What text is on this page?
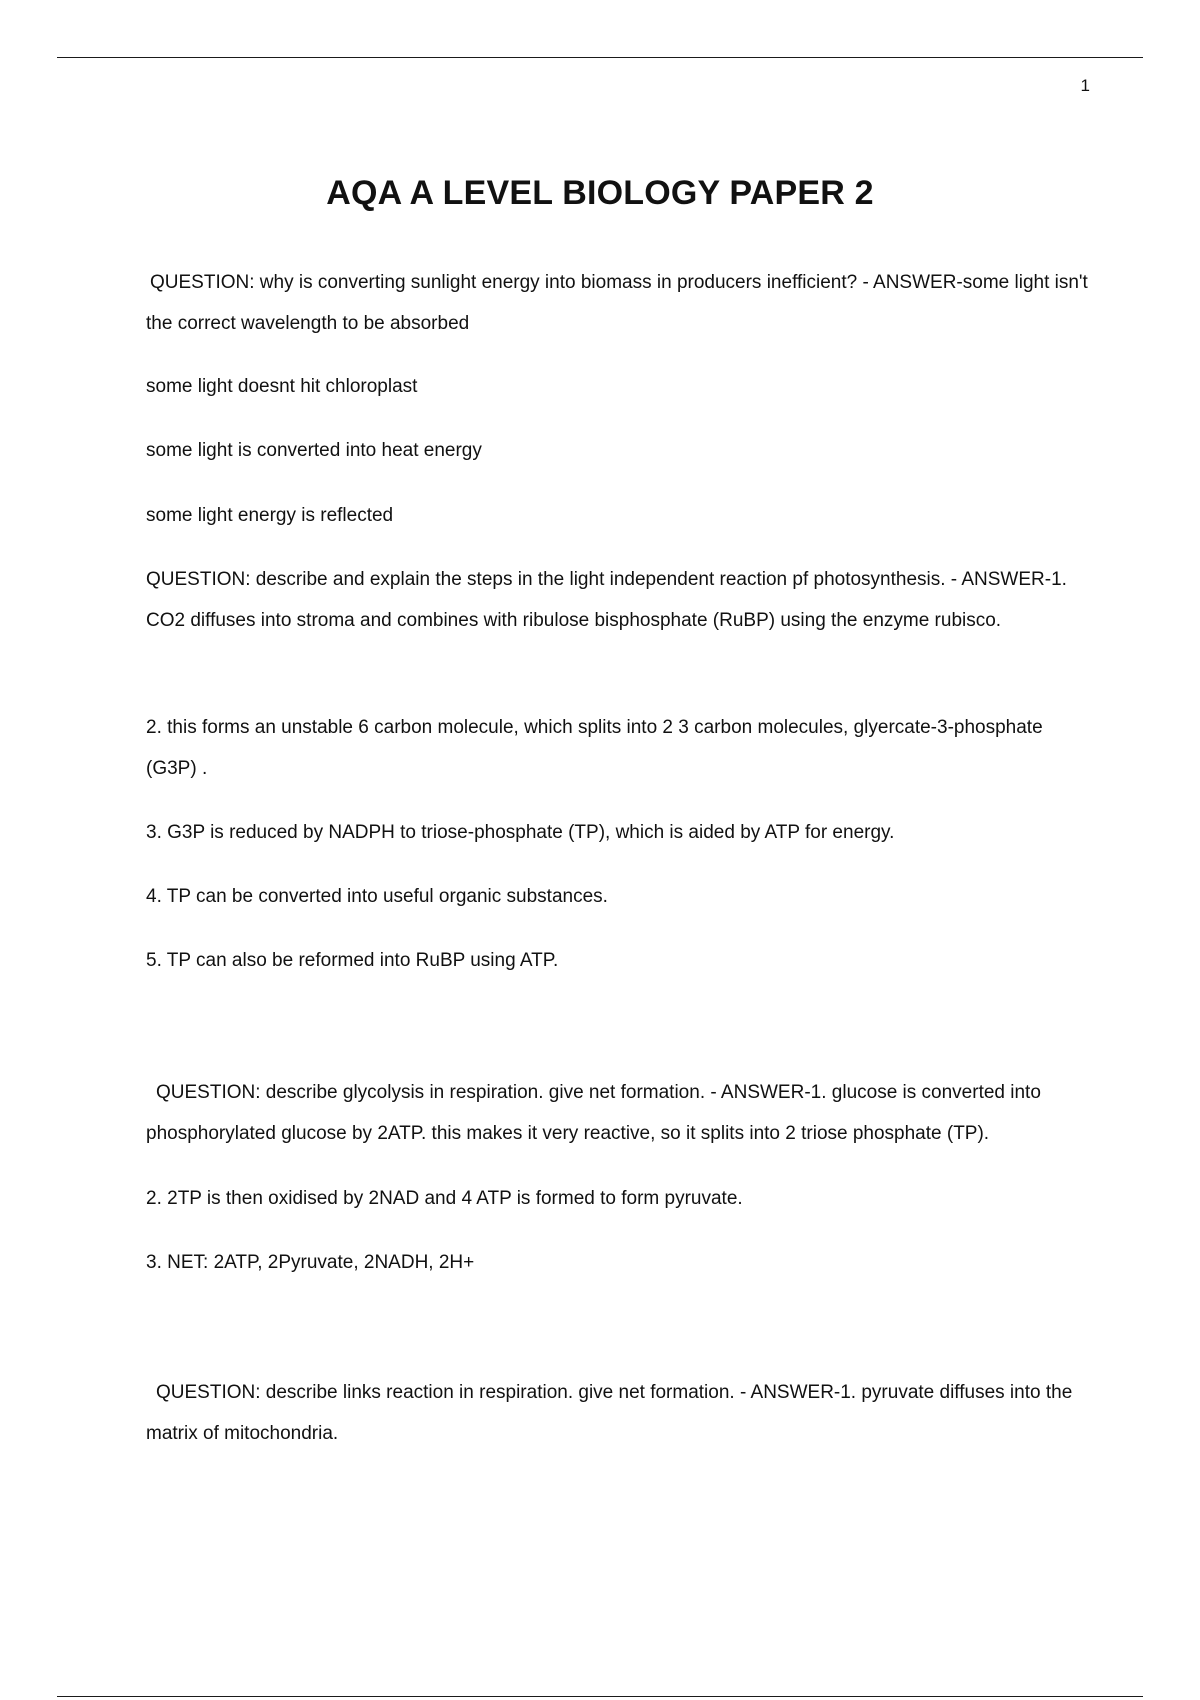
1
AQA A LEVEL BIOLOGY PAPER 2

QUESTION: why is converting sunlight energy into biomass in producers inefficient? - ANSWER-some light isn't the correct wavelength to be absorbed

some light doesnt hit chloroplast

some light is converted into heat energy

some light energy is reflected

QUESTION: describe and explain the steps in the light independent reaction pf photosynthesis. - ANSWER-1. CO2 diffuses into stroma and combines with ribulose bisphosphate (RuBP) using the enzyme rubisco.

2. this forms an unstable 6 carbon molecule, which splits into 2 3 carbon molecules, glyercate-3-phosphate (G3P) .

3. G3P is reduced by NADPH to triose-phosphate (TP), which is aided by ATP for energy.

4. TP can be converted into useful organic substances.

5. TP can also be reformed into RuBP using ATP.

QUESTION: describe glycolysis in respiration. give net formation. - ANSWER-1. glucose is converted into phosphorylated glucose by 2ATP. this makes it very reactive, so it splits into 2 triose phosphate (TP).

2. 2TP is then oxidised by 2NAD and 4 ATP is formed to form pyruvate.

3. NET: 2ATP, 2Pyruvate, 2NADH, 2H+

QUESTION: describe links reaction in respiration. give net formation. - ANSWER-1. pyruvate diffuses into the matrix of mitochondria.
